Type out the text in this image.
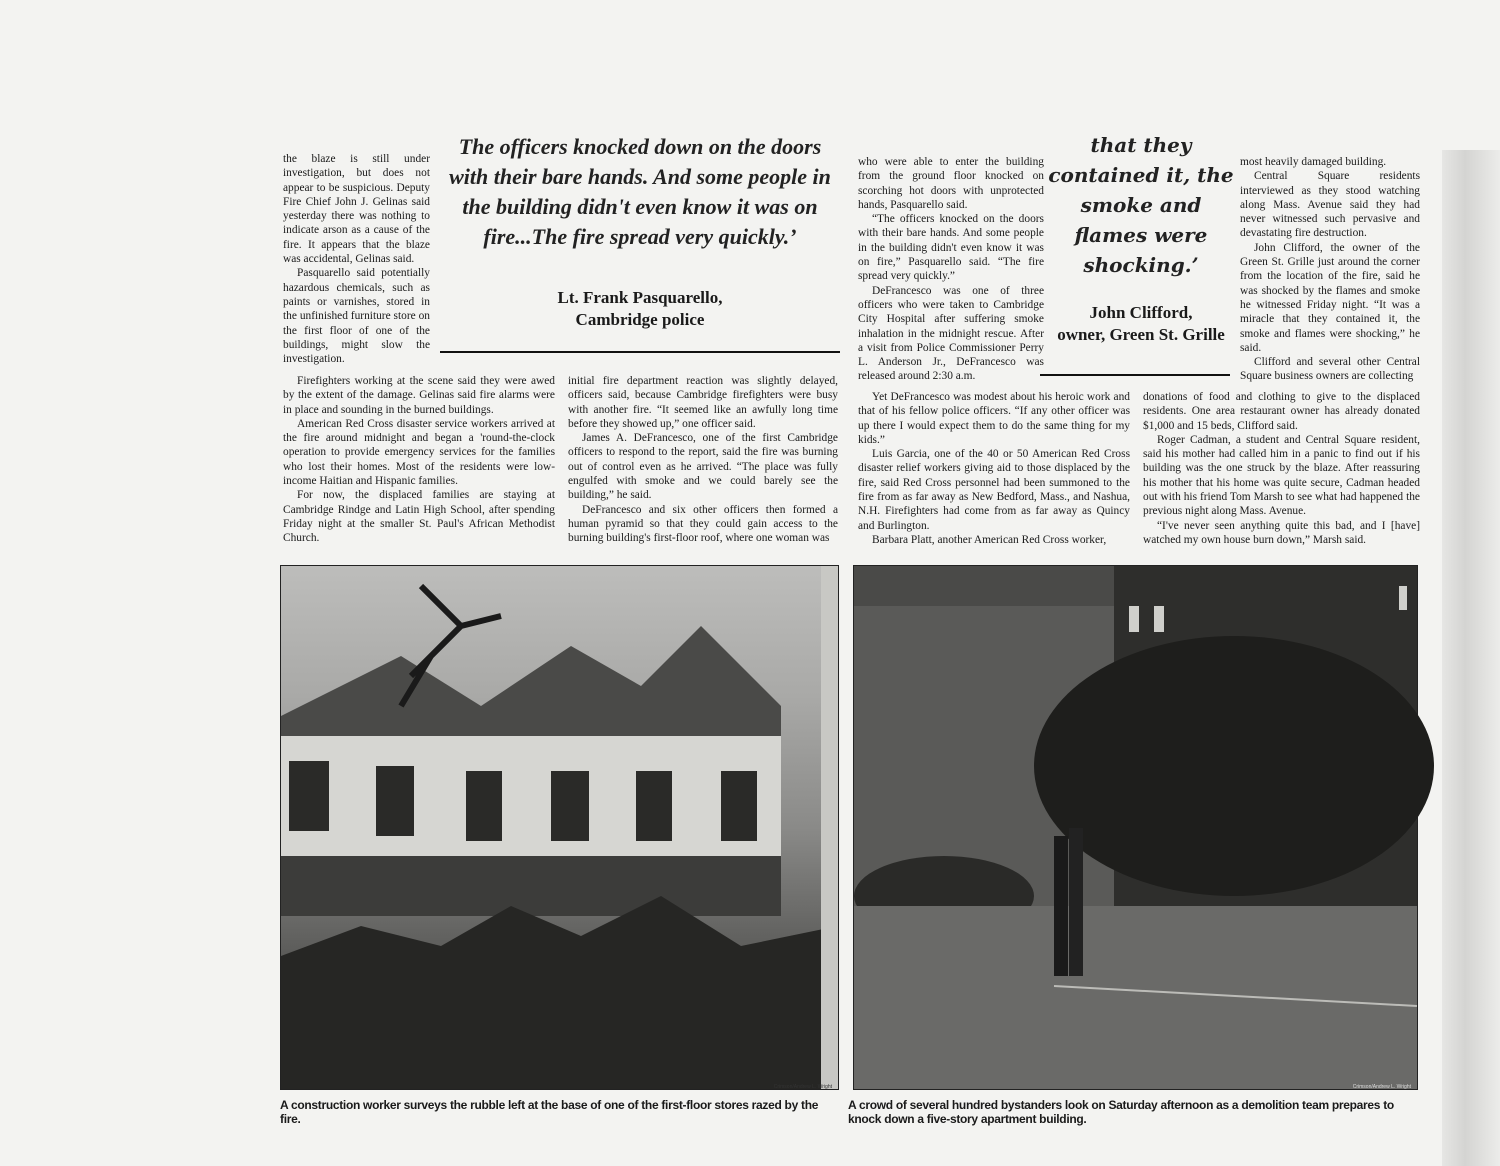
the blaze is still under investigation, but does not appear to be suspicious. Deputy Fire Chief John J. Gelinas said yesterday there was nothing to indicate arson as a cause of the fire. It appears that the blaze was accidental, Gelinas said.

Pasquarello said potentially hazardous chemicals, such as paints or varnishes, stored in the unfinished furniture store on the first floor of one of the buildings, might slow the investigation.

Firefighters working at the scene said they were awed by the extent of the damage. Gelinas said fire alarms were in place and sounding in the burned buildings.

American Red Cross disaster service workers arrived at the fire around midnight and began a 'round-the-clock operation to provide emergency services for the families who lost their homes. Most of the residents were low-income Haitian and Hispanic families.

For now, the displaced families are staying at Cambridge Rindge and Latin High School, after spending Friday night at the smaller St. Paul's African Methodist Church.

The officers knocked down on the doors with their bare hands. And some people in the building didn't even know it was on fire...The fire spread very quickly.’
Lt. Frank Pasquarello,
Cambridge police

initial fire department reaction was slightly delayed, officers said, because Cambridge firefighters were busy with another fire. “It seemed like an awfully long time before they showed up,” one officer said.

James A. DeFrancesco, one of the first Cambridge officers to respond to the report, said the fire was burning out of control even as he arrived. “The place was fully engulfed with smoke and we could barely see the building,” he said.

DeFrancesco and six other officers then formed a human pyramid so that they could gain access to the burning building's first-floor roof, where one woman was

who were able to enter the building from the ground floor knocked on scorching hot doors with unprotected hands, Pasquarello said.

“The officers knocked on the doors with their bare hands. And some people in the building didn't even know it was on fire,” Pasquarello said. “The fire spread very quickly.”

DeFrancesco was one of three officers who were taken to Cambridge City Hospital after suffering smoke inhalation in the midnight rescue. After a visit from Police Commissioner Perry L. Anderson Jr., DeFrancesco was released around 2:30 a.m.

Yet DeFrancesco was modest about his heroic work and that of his fellow police officers. “If any other officer was up there I would expect them to do the same thing for my kids.”

Luis Garcia, one of the 40 or 50 American Red Cross disaster relief workers giving aid to those displaced by the fire, said Red Cross personnel had been summoned to the fire from as far away as New Bedford, Mass., and Nashua, N.H. Firefighters had come from as far away as Quincy and Burlington.

Barbara Platt, another American Red Cross worker,

that they contained it, the smoke and flames were shocking.’
John Clifford,
owner, Green St. Grille

most heavily damaged building.

Central Square residents interviewed as they stood watching along Mass. Avenue said they had never witnessed such pervasive and devastating fire destruction.

John Clifford, the owner of the Green St. Grille just around the corner from the location of the fire, said he was shocked by the flames and smoke he witnessed Friday night. “It was a miracle that they contained it, the smoke and flames were shocking,” he said.

Clifford and several other Central Square business owners are collecting

donations of food and clothing to give to the displaced residents. One area restaurant owner has already donated $1,000 and 15 beds, Clifford said.

Roger Cadman, a student and Central Square resident, said his mother had called him in a panic to find out if his building was the one struck by the blaze. After reassuring his mother that his home was quite secure, Cadman headed out with his friend Tom Marsh to see what had happened the previous night along Mass. Avenue.

“I've never seen anything quite this bad, and I [have] watched my own house burn down,” Marsh said.

Crimson/Andrew L. Wright
A construction worker surveys the rubble left at the base of one of the first-floor stores razed by the fire.
Crimson/Andrew L. Wright
A crowd of several hundred bystanders look on Saturday afternoon as a demolition team prepares to knock down a five-story apartment building.
